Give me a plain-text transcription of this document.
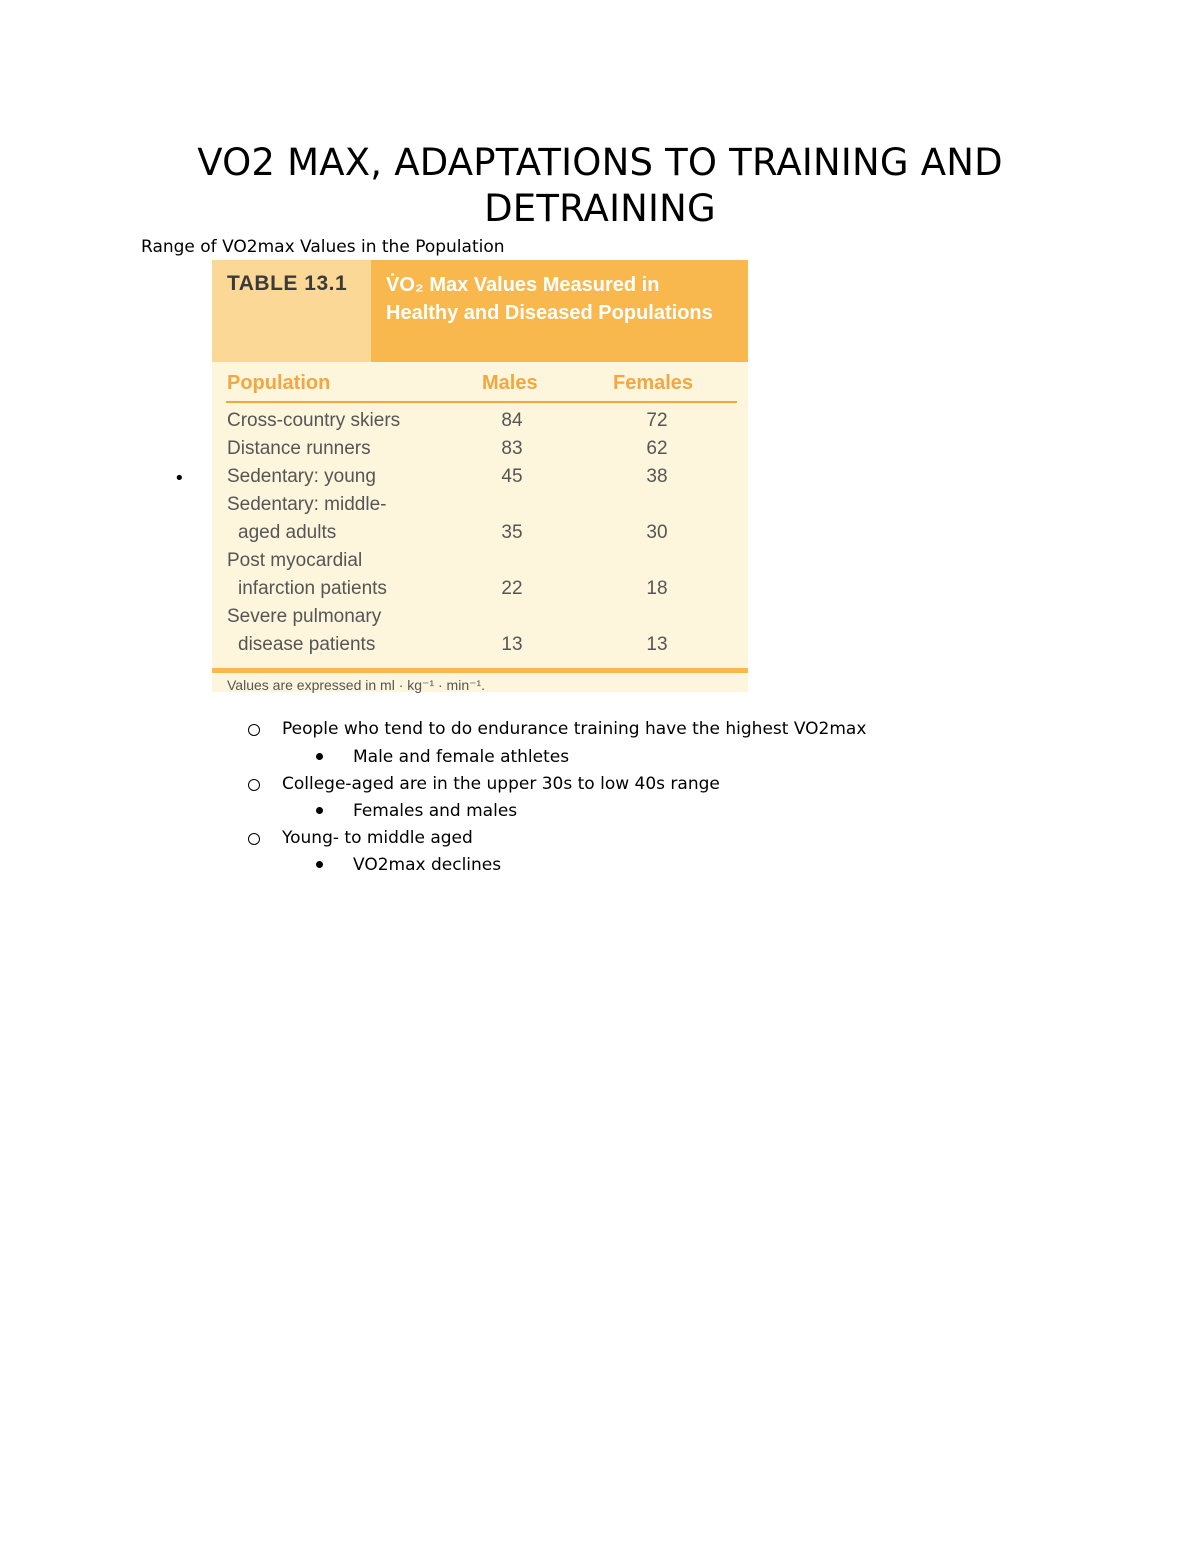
VO2 MAX, ADAPTATIONS TO TRAINING AND DETRAINING
Range of VO2max Values in the Population
•
TABLE 13.1 V̇O₂ Max Values Measured in Healthy and Diseased Populations
Population	Males	Females
Cross-country skiers	84	72
Distance runners	83	62
Sedentary: young	45	38
Sedentary: middle-
aged adults	35	30
Post myocardial
infarction patients	22	18
Severe pulmonary
disease patients	13	13
Values are expressed in ml · kg⁻¹ · min⁻¹.
People who tend to do endurance training have the highest VO2max
Male and female athletes
College-aged are in the upper 30s to low 40s range
Females and males
Young- to middle aged
VO2max declines
